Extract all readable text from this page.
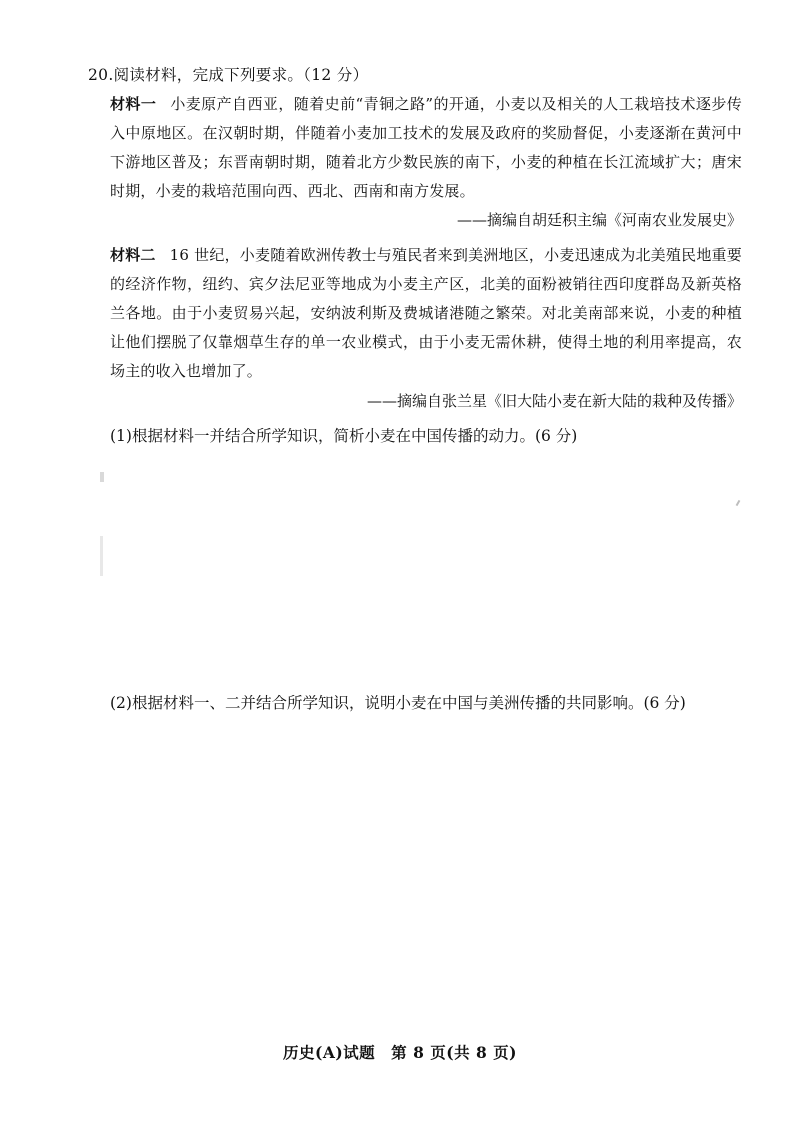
20.阅读材料，完成下列要求。（12 分）
材料一 小麦原产自西亚，随着史前“青铜之路”的开通，小麦以及相关的人工栽培技术逐步传入中原地区。在汉朝时期，伴随着小麦加工技术的发展及政府的奖励督促，小麦逐渐在黄河中下游地区普及；东晋南朝时期，随着北方少数民族的南下，小麦的种植在长江流域扩大；唐宋时期，小麦的栽培范围向西、西北、西南和南方发展。
——摘编自胡廷积主编《河南农业发展史》
材料二 16 世纪，小麦随着欧洲传教士与殖民者来到美洲地区，小麦迅速成为北美殖民地重要的经济作物，纽约、宾夕法尼亚等地成为小麦主产区，北美的面粉被销往西印度群岛及新英格兰各地。由于小麦贸易兴起，安纳波利斯及费城诸港随之繁荣。对北美南部来说，小麦的种植让他们摆脱了仅靠烟草生存的单一农业模式，由于小麦无需休耕，使得土地的利用率提高，农场主的收入也增加了。
——摘编自张兰星《旧大陆小麦在新大陆的栽种及传播》
(1)根据材料一并结合所学知识，简析小麦在中国传播的动力。(6 分)
(2)根据材料一、二并结合所学知识，说明小麦在中国与美洲传播的共同影响。(6 分)
历史(A)试题　第 8 页(共 8 页)
